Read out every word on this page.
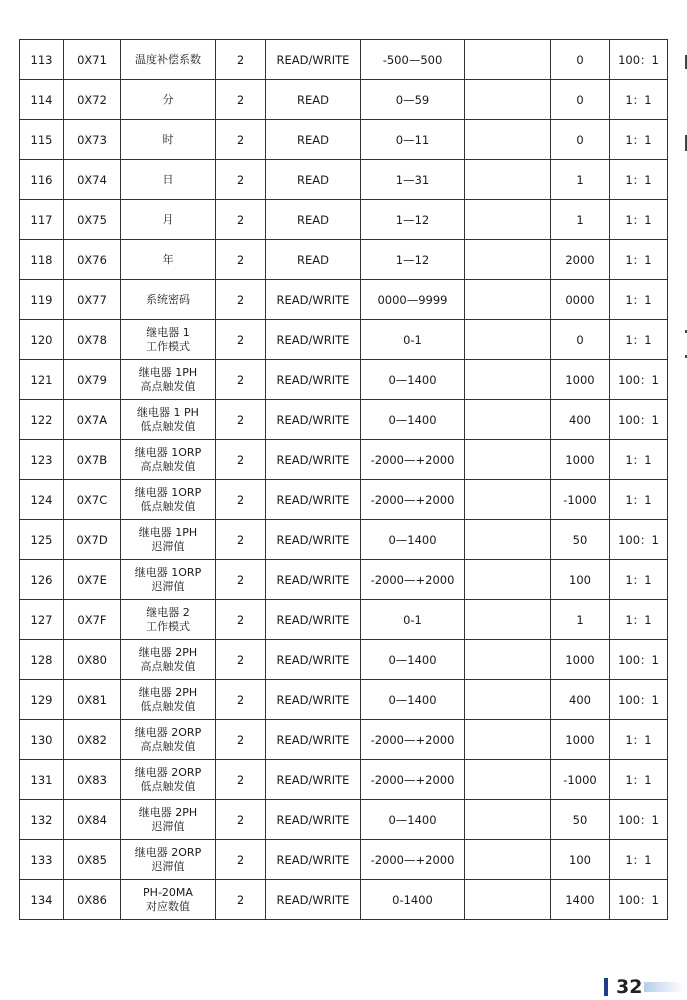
113	0X71	温度补偿系数	2	READ/WRITE	-500—500		0	100：1
114	0X72	分	2	READ	0—59		0	1：1
115	0X73	时	2	READ	0—11		0	1：1
116	0X74	日	2	READ	1—31		1	1：1
117	0X75	月	2	READ	1—12		1	1：1
118	0X76	年	2	READ	1—12		2000	1：1
119	0X77	系统密码	2	READ/WRITE	0000—9999		0000	1：1
120	0X78	继电器 1
工作模式	2	READ/WRITE	0-1		0	1：1
121	0X79	继电器 1PH
高点触发值	2	READ/WRITE	0—1400		1000	100：1
122	0X7A	继电器 1 PH
低点触发值	2	READ/WRITE	0—1400		400	100：1
123	0X7B	继电器 1ORP
高点触发值	2	READ/WRITE	-2000—+2000		1000	1：1
124	0X7C	继电器 1ORP
低点触发值	2	READ/WRITE	-2000—+2000		-1000	1：1
125	0X7D	继电器 1PH
迟滞值	2	READ/WRITE	0—1400		50	100：1
126	0X7E	继电器 1ORP
迟滞值	2	READ/WRITE	-2000—+2000		100	1：1
127	0X7F	继电器 2
工作模式	2	READ/WRITE	0-1		1	1：1
128	0X80	继电器 2PH
高点触发值	2	READ/WRITE	0—1400		1000	100：1
129	0X81	继电器 2PH
低点触发值	2	READ/WRITE	0—1400		400	100：1
130	0X82	继电器 2ORP
高点触发值	2	READ/WRITE	-2000—+2000		1000	1：1
131	0X83	继电器 2ORP
低点触发值	2	READ/WRITE	-2000—+2000		-1000	1：1
132	0X84	继电器 2PH
迟滞值	2	READ/WRITE	0—1400		50	100：1
133	0X85	继电器 2ORP
迟滞值	2	READ/WRITE	-2000—+2000		100	1：1
134	0X86	PH-20MA
对应数值	2	READ/WRITE	0-1400		1400	100：1
32
